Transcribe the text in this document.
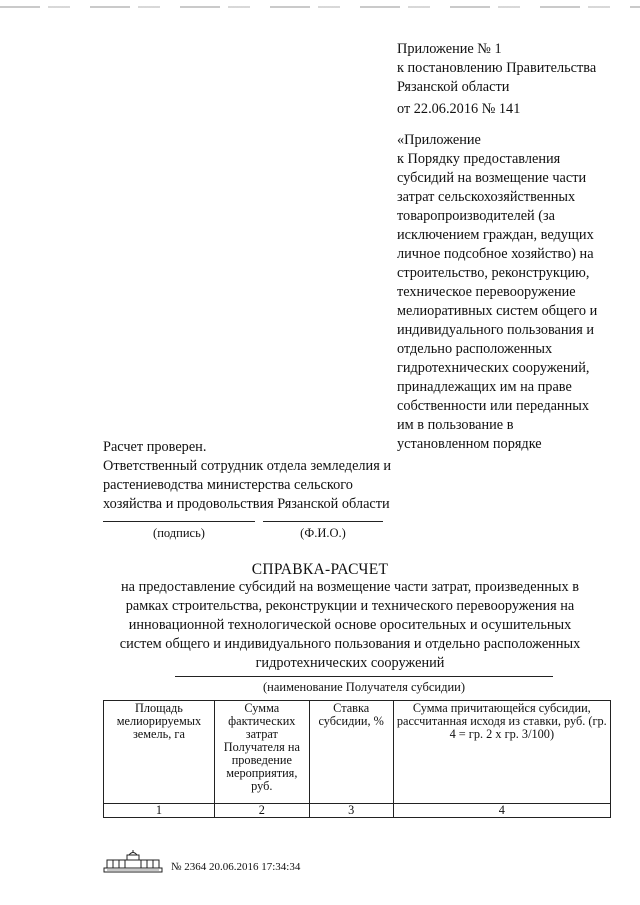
Приложение № 1
к постановлению Правительства
Рязанской области
от 22.06.2016 № 141
«Приложение
к Порядку предоставления
субсидий на возмещение части
затрат сельскохозяйственных
товаропроизводителей (за
исключением граждан, ведущих
личное подсобное хозяйство) на
строительство, реконструкцию,
техническое перевооружение
мелиоративных систем общего и
индивидуального пользования и
отдельно расположенных
гидротехнических сооружений,
принадлежащих им на праве
собственности или переданных
им в пользование в
установленном порядке
Расчет проверен.
Ответственный сотрудник отдела земледелия и
растениеводства министерства сельского
хозяйства и продовольствия Рязанской области
(подпись)	(Ф.И.О.)
СПРАВКА-РАСЧЕТ
на предоставление субсидий на возмещение части затрат, произведенных в
рамках строительства, реконструкции и технического перевооружения на
инновационной технологической основе оросительных и осушительных
систем общего и индивидуального пользования и отдельно расположенных
гидротехнических сооружений
(наименование Получателя субсидии)
Площадь мелиорируемых земель, га	Сумма фактических затрат Получателя на проведение мероприятия, руб.	Ставка субсидии, %	Сумма причитающейся субсидии, рассчитанная исходя из ставки, руб. (гр. 4 = гр. 2 х гр. 3/100)
1	2	3	4
№ 2364 20.06.2016 17:34:34
